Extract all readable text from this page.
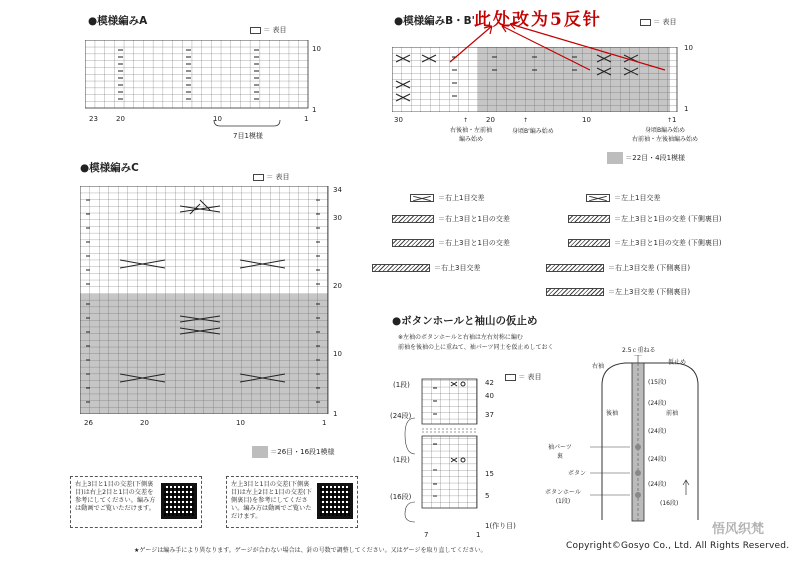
●模様編みA
＝ 表目
10
1
23	20	10	1
7目1模様
●模様編みB・B' 此处改为5反针	＝ 表目
10
1
30	20	10	1
↑	↑	↑
右後袖・左前袖
編み始め
身頃B'編み始め	身頃B編み始め
右前袖・左後袖編み始め
＝22目・4段1模様
●模様編みC
＝ 表目
34
30
20
10
1
26	20	10	1
＝26目・16段1模様
＝右上1目交差
＝右上3目と1目の交差
＝右上3目と1目の交差
＝右上3目交差
＝左上1目交差
＝左上3目と1目の交差 (下側裏目)
＝左上3目と1目の交差 (下側裏目)
＝右上3目交差 (下側裏目)
＝左上3目交差 (下側裏目)
●ボタンホールと袖山の仮止め
※左袖のボタンホールと右袖は左右対称に編む
前袖を後袖の上に重ねて、袖パーツ同士を仮止めしておく
＝ 表目
(1段)
(24段)
(1段)
(16段)
42
40
37
15
5
1(作り目)
7	1
2.5ｃ重ねる
右袖
仮止め
(15段)
(24段)
(24段)
(24段)
(24段)
(16段)
後袖	前袖
袖パーツ
裏
ボタン
ボタンホール
(1段)
右上3目と1目の交差(下側裏目)は右上2目と1目の交差を参考にしてください。編み方は動画でご覧いただけます。
左上3目と1目の交差(下側裏目)は左上2目と1目の交差(下側裏目)を参考にしてください。編み方は動画でご覧いただけます。
★ゲージは編み手により異なります。ゲージが合わない場合は、針の号数で調整してください。又はゲージを取り直してください。	Copyright©Gosyo Co., Ltd. All Rights Reserved.
悟风织梵
